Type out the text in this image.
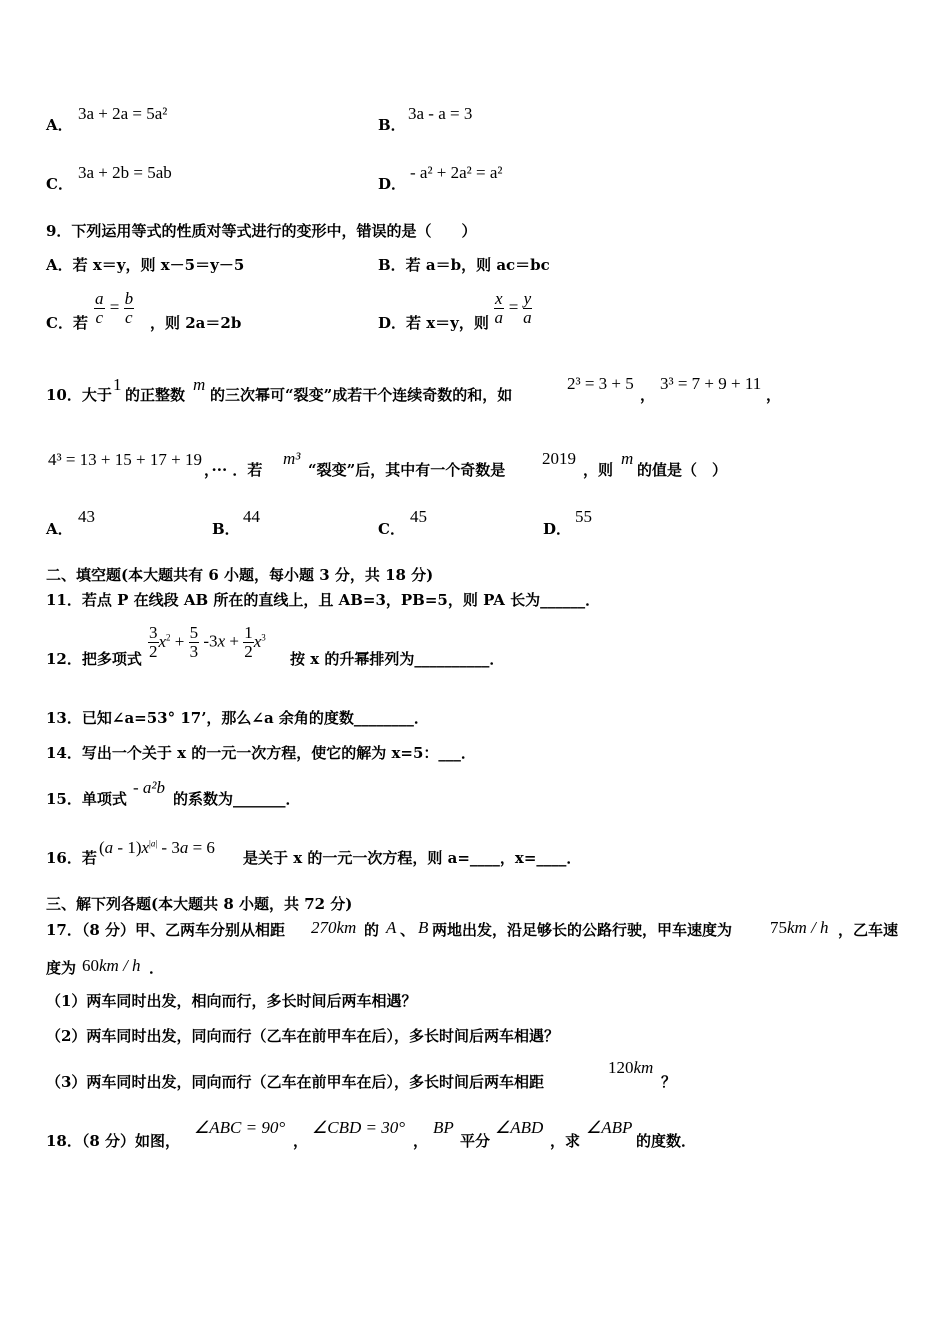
A．
3a + 2a = 5a²
B．
3a - a = 3
C．
3a + 2b = 5ab
D．
- a² + 2a² = a²
9．下列运用等式的性质对等式进行的变形中，错误的是（　　）
A．若 x＝y，则 x－5＝y－5	B．若 a＝b，则 ac＝bc
C．若 $\frac{a}{c} = \frac{b}{c}$ ，则 2a＝2b	D．若 x＝y，则 $\frac{x}{a} = \frac{y}{a}$
10．大于
1
的正整数
m
的三次幂可“裂变”成若干个连续奇数的和，如
2³ = 3 + 5
，
3³ = 7 + 9 + 11
，
4³ = 13 + 15 + 17 + 19
，··· ．若
m³
“裂变”后，其中有一个奇数是
2019
，则
m
的值是（　）
A．
43
B．
44
C．
45
D．
55
二、填空题(本大题共有 6 小题，每小题 3 分，共 18 分)
11．若点 P 在线段 AB 所在的直线上，且 AB=3，PB=5，则 PA 长为______．
12．把多项式 $\frac{3}{2} x^2 + \frac{5}{3} -3x + \frac{1}{2} x^3$
按 x 的升幂排列为__________．
13．已知∠a=53° 17’，那么∠a 余角的度数________．
14．写出一个关于 x 的一元一次方程，使它的解为 x=5：___．
15．单项式
- a²b
的系数为_______．
16．若
$(a - 1)x^{|a|} - 3a = 6$
是关于 x 的一元一次方程，则 a=____，x=____．
三、解下列各题(本大题共 8 小题，共 72 分)
17．（8 分）甲、乙两车分别从相距 270km 的 A 、 B 两地出发，沿足够长的公路行驶，甲车速度为 75km / h ，乙车速
度为 60km / h ．
（1）两车同时出发，相向而行，多长时间后两车相遇？
（2）两车同时出发，同向而行（乙车在前甲车在后），多长时间后两车相遇？
（3）两车同时出发，同向而行（乙车在前甲车在后），多长时间后两车相距
120km
？
18．（8 分）如图，
∠ABC = 90°
，
∠CBD = 30°
，
BP
平分
∠ABD
，求
∠ABP
的度数．
